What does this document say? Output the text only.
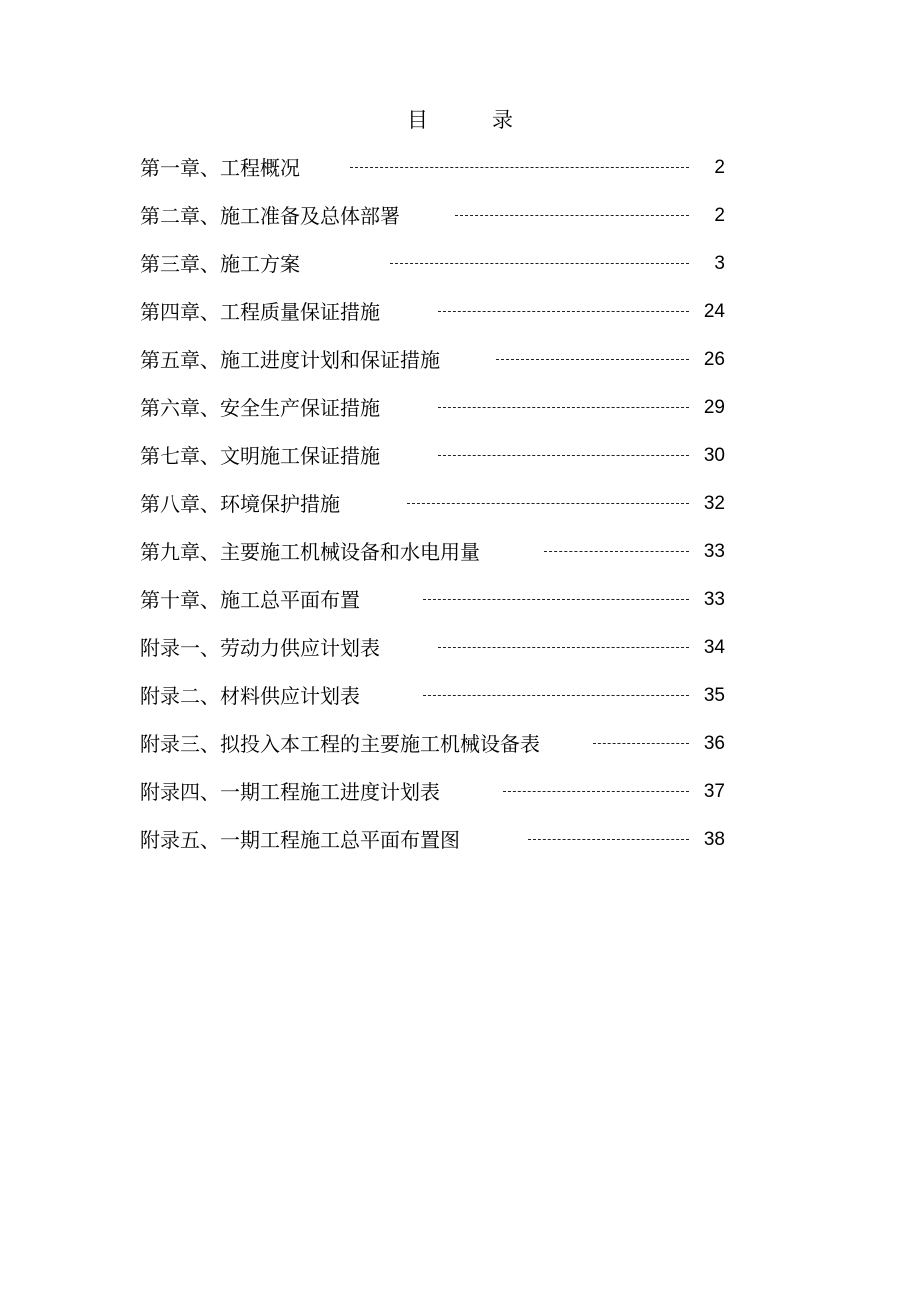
目	录
第一章、工程概况	2
第二章、施工准备及总体部署	2
第三章、施工方案	3
第四章、工程质量保证措施	24
第五章、施工进度计划和保证措施	26
第六章、安全生产保证措施	29
第七章、文明施工保证措施	30
第八章、环境保护措施	32
第九章、主要施工机械设备和水电用量	33
第十章、施工总平面布置	33
附录一、劳动力供应计划表	34
附录二、材料供应计划表	35
附录三、拟投入本工程的主要施工机械设备表	36
附录四、一期工程施工进度计划表	37
附录五、一期工程施工总平面布置图	38
